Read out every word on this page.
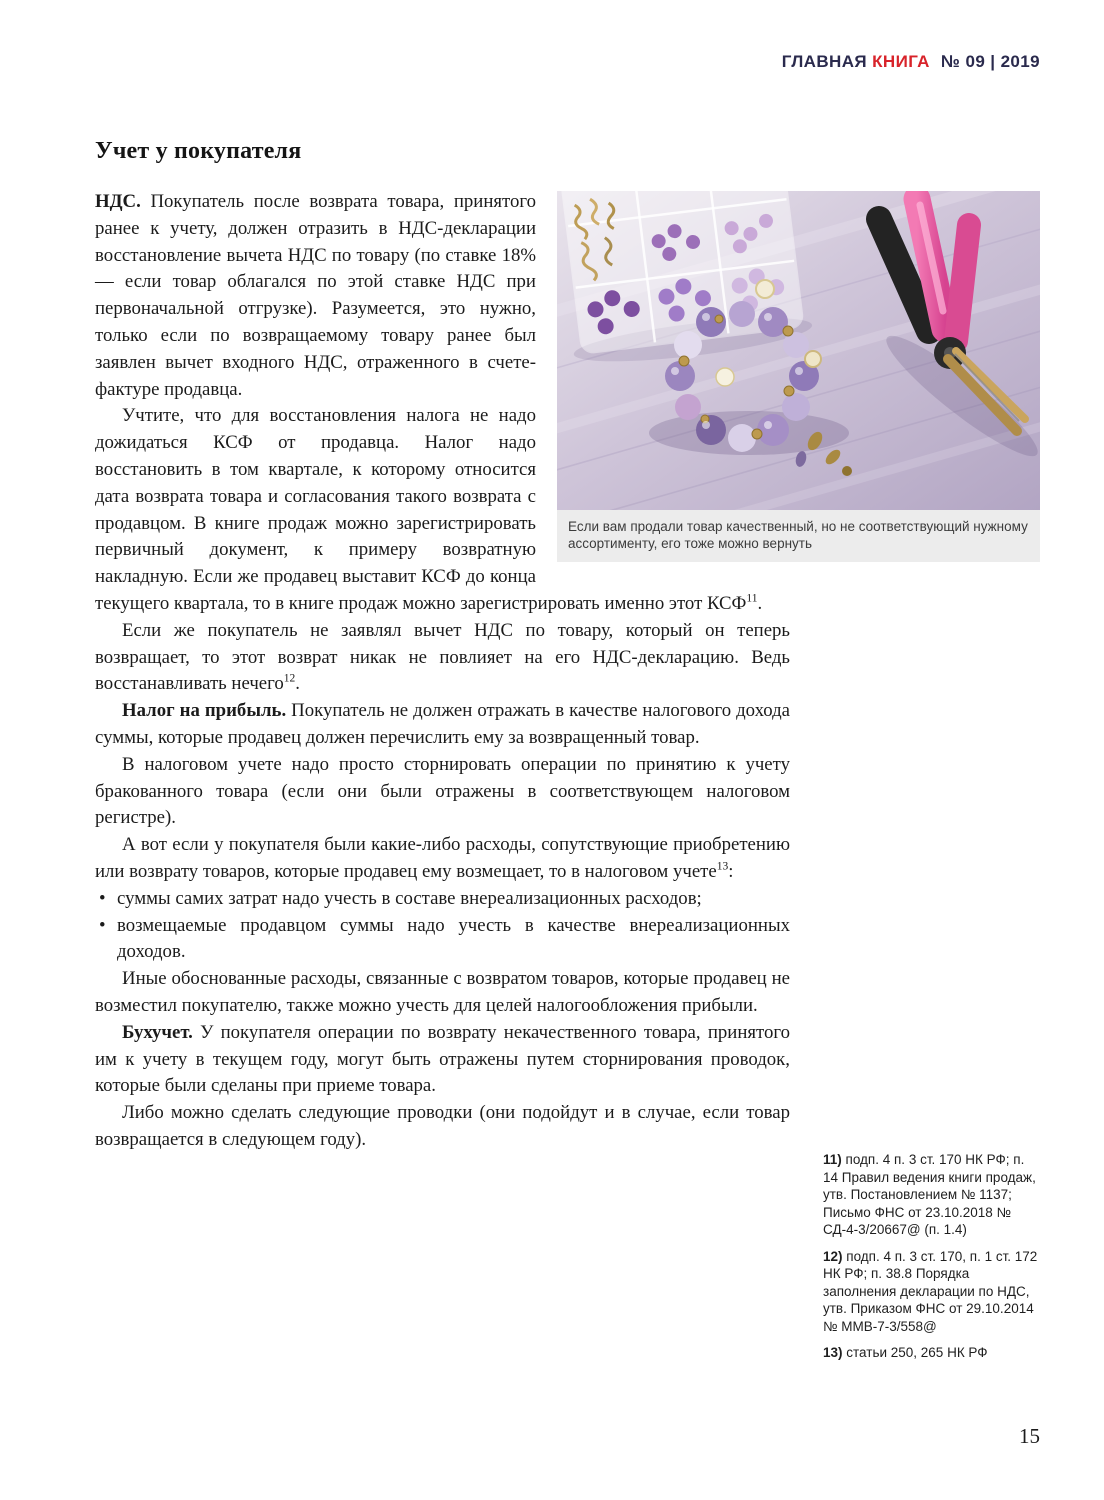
ГЛАВНАЯ КНИГА № 09 | 2019
Учет у покупателя
Если вам продали товар качественный, но не соответствующий нужному ассортименту, его тоже можно вернуть

НДС. Покупатель после возврата товара, принятого ранее к учету, должен отразить в НДС-декларации восстановление вычета НДС по товару (по ставке 18% — если товар облагался по этой ставке НДС при первоначальной отгрузке). Разумеется, это нужно, только если по возвращаемому товару ранее был заявлен вычет входного НДС, отраженного в счете-фактуре продавца.

Учтите, что для восстановления налога не надо дожидаться КСФ от продавца. Налог надо восстановить в том квартале, к которому относится дата возврата товара и согласования такого возврата с продавцом. В книге продаж можно зарегистрировать первичный документ, к примеру возвратную накладную. Если же продавец выставит КСФ до конца текущего квартала, то в книге продаж можно зарегистрировать именно этот КСФ$^{11}$.

Если же покупатель не заявлял вычет НДС по товару, который он теперь возвращает, то этот возврат никак не повлияет на его НДС-декларацию. Ведь восстанавливать нечего$^{12}$.

Налог на прибыль. Покупатель не должен отражать в качестве налогового дохода суммы, которые продавец должен перечислить ему за возвращенный товар.

В налоговом учете надо просто сторнировать операции по принятию к учету бракованного товара (если они были отражены в соответствующем налоговом регистре).

А вот если у покупателя были какие-либо расходы, сопутствующие приобретению или возврату товаров, которые продавец ему возмещает, то в налоговом учете$^{13}$:

• суммы самих затрат надо учесть в составе внереализационных расходов;
• возмещаемые продавцом суммы надо учесть в качестве внереализационных доходов.

Иные обоснованные расходы, связанные с возвратом товаров, которые продавец не возместил покупателю, также можно учесть для целей налогообложения прибыли.

Бухучет. У покупателя операции по возврату некачественного товара, принятого им к учету в текущем году, могут быть отражены путем сторнирования проводок, которые были сделаны при приеме товара.

Либо можно сделать следующие проводки (они подойдут и в случае, если товар возвращается в следующем году).

11) подп. 4 п. 3 ст. 170 НК РФ; п. 14 Правил ведения книги продаж, утв. Постановлением № 1137; Письмо ФНС от 23.10.2018 № СД-4-3/20667@ (п. 1.4)
12) подп. 4 п. 3 ст. 170, п. 1 ст. 172 НК РФ; п. 38.8 Порядка заполнения декларации по НДС, утв. Приказом ФНС от 29.10.2014 № ММВ-7-3/558@
13) статьи 250, 265 НК РФ
15
